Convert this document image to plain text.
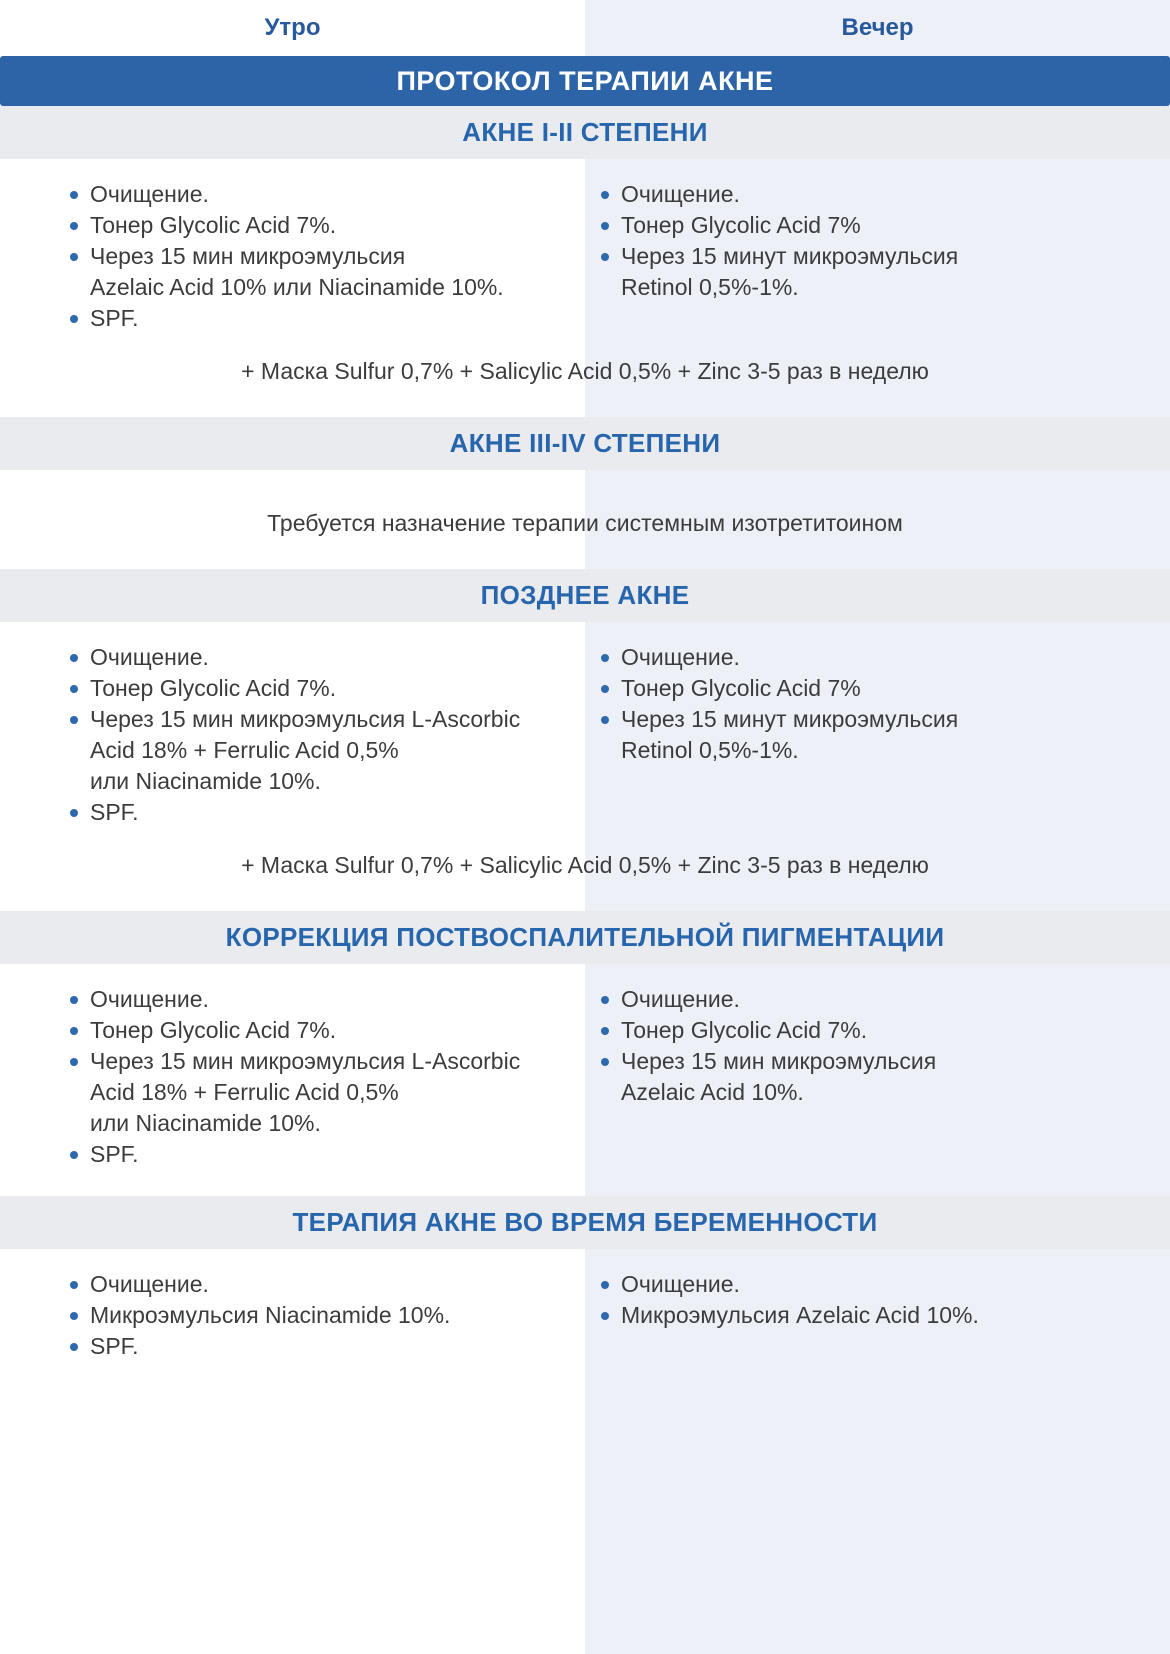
Утро	Вечер
ПРОТОКОЛ ТЕРАПИИ АКНЕ
АКНЕ I-II СТЕПЕНИ
Очищение.
Тонер Glycolic Acid 7%.
Через 15 мин микроэмульсия
Azelaic Acid 10% или Niacinamide 10%.
SPF.
Очищение.
Тонер Glycolic Acid 7%
Через 15 минут микроэмульсия
Retinol 0,5%-1%.

+ Маска Sulfur 0,7% + Salicylic Acid 0,5% + Zinc 3-5 раз в неделю

АКНЕ III-IV СТЕПЕНИ

Требуется назначение терапии системным изотретитоином

ПОЗДНЕЕ АКНЕ
Очищение.
Тонер Glycolic Acid 7%.
Через 15 мин микроэмульсия L-Ascorbic
Acid 18% + Ferrulic Acid 0,5%
или Niacinamide 10%.
SPF.
Очищение.
Тонер Glycolic Acid 7%
Через 15 минут микроэмульсия
Retinol 0,5%-1%.

+ Маска Sulfur 0,7% + Salicylic Acid 0,5% + Zinc 3-5 раз в неделю

КОРРЕКЦИЯ ПОСТВОСПАЛИТЕЛЬНОЙ ПИГМЕНТАЦИИ
Очищение.
Тонер Glycolic Acid 7%.
Через 15 мин микроэмульсия L-Ascorbic
Acid 18% + Ferrulic Acid 0,5%
или Niacinamide 10%.
SPF.
Очищение.
Тонер Glycolic Acid 7%.
Через 15 мин микроэмульсия
Azelaic Acid 10%.
ТЕРАПИЯ АКНЕ ВО ВРЕМЯ БЕРЕМЕННОСТИ
Очищение.
Микроэмульсия Niacinamide 10%.
SPF.
Очищение.
Микроэмульсия Azelaic Acid 10%.
